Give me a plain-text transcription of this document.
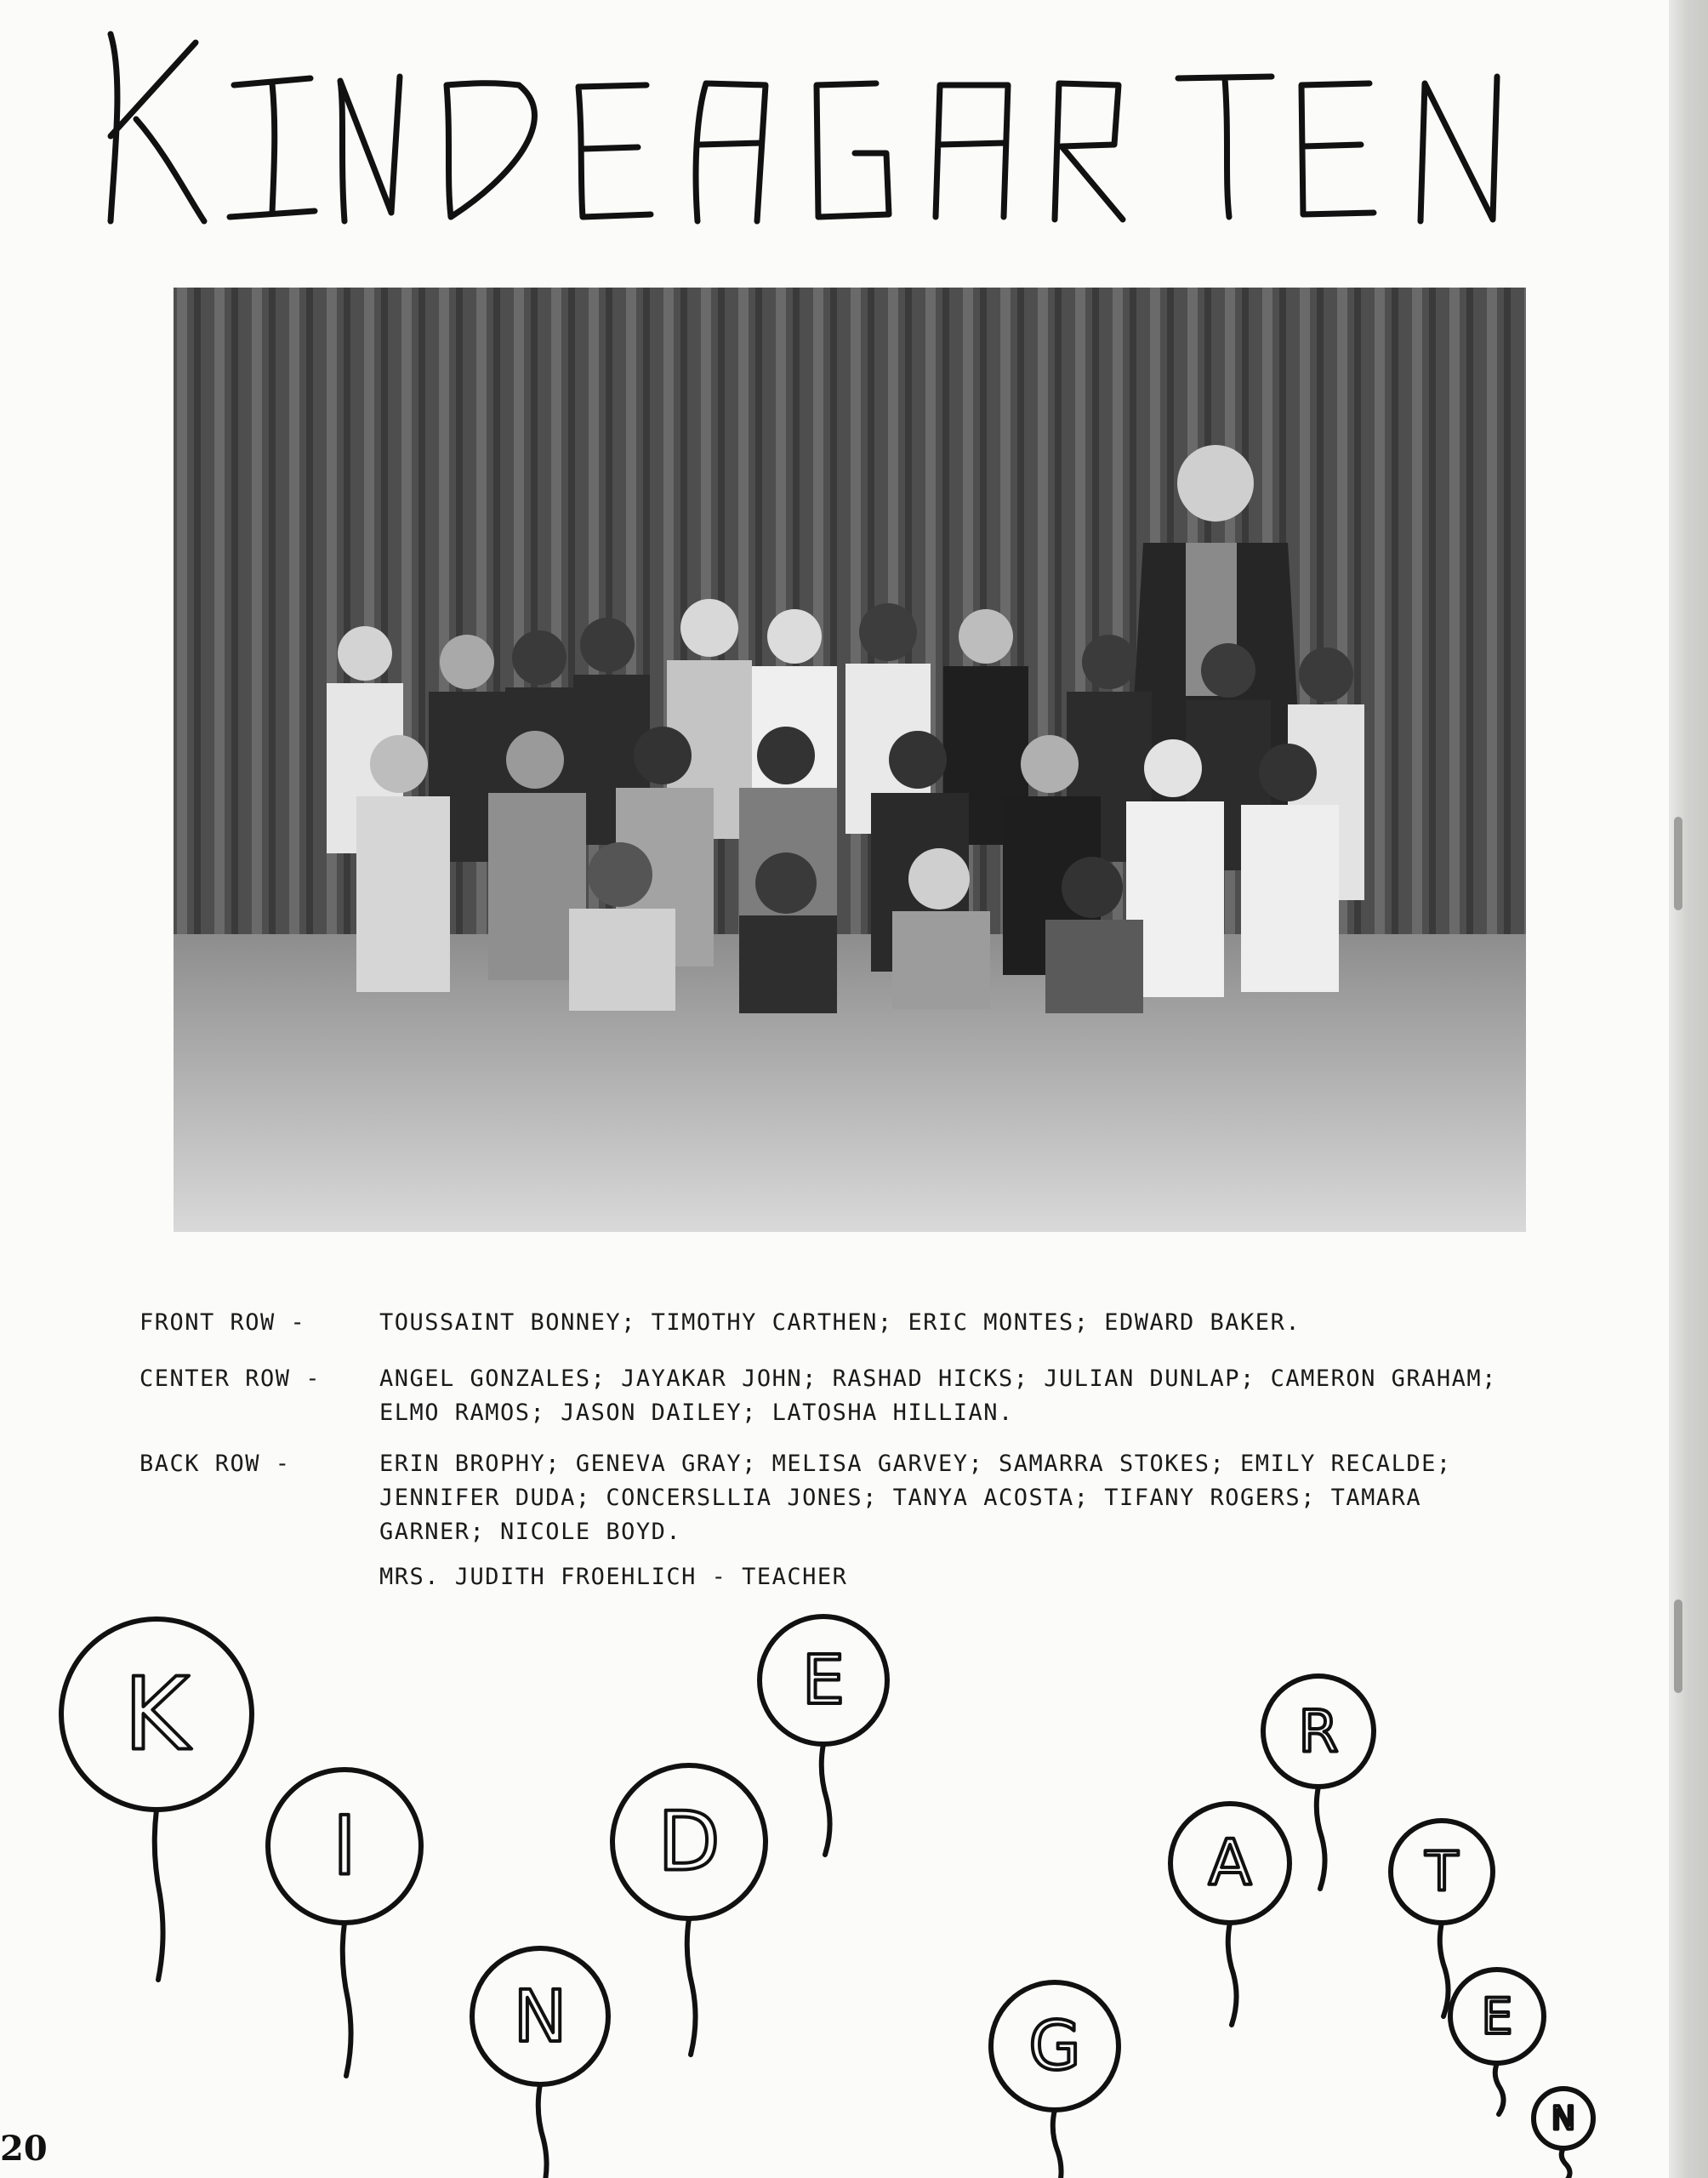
FRONT ROW -	TOUSSAINT BONNEY; TIMOTHY CARTHEN; ERIC MONTES; EDWARD BAKER.
CENTER ROW -	ANGEL GONZALES; JAYAKAR JOHN; RASHAD HICKS; JULIAN DUNLAP; CAMERON GRAHAM; ELMO RAMOS; JASON DAILEY; LATOSHA HILLIAN.
BACK ROW -	ERIN BROPHY; GENEVA GRAY; MELISA GARVEY; SAMARRA STOKES; EMILY RECALDE; JENNIFER DUDA; CONCERSLLIA JONES; TANYA ACOSTA; TIFANY ROGERS; TAMARA GARNER; NICOLE BOYD.
MRS. JUDITH FROEHLICH - TEACHER
K
I
N
D
E
G
A
R
T
E
N
20
